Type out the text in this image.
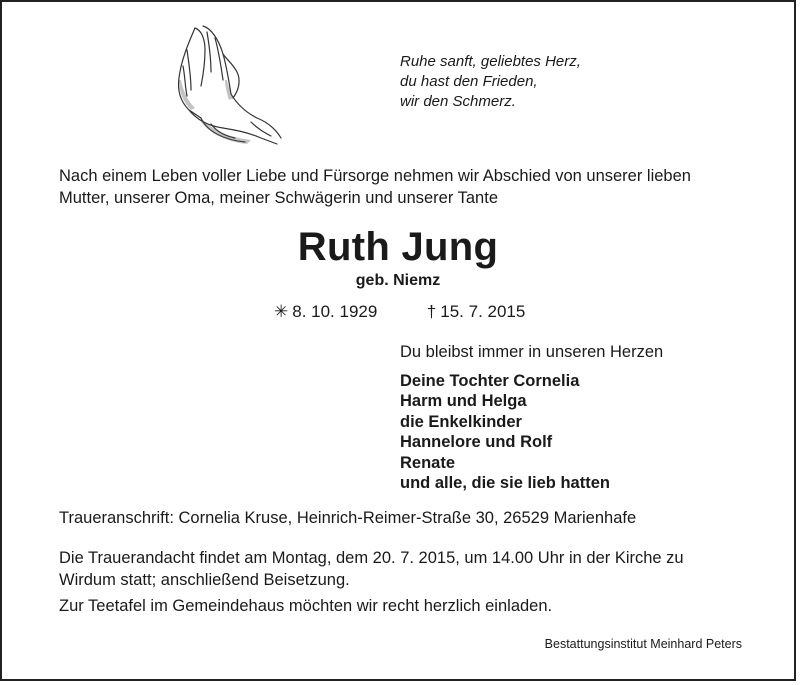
Ruhe sanft, geliebtes Herz,
du hast den Frieden,
wir den Schmerz.
Nach einem Leben voller Liebe und Fürsorge nehmen wir Abschied von unserer lieben
Mutter, unserer Oma, meiner Schwägerin und unserer Tante
Ruth Jung
geb. Niemz
✳ 8. 10. 1929	† 15. 7. 2015
Du bleibst immer in unseren Herzen
Deine Tochter Cornelia
Harm und Helga
die Enkelkinder
Hannelore und Rolf
Renate
und alle, die sie lieb hatten
Traueranschrift: Cornelia Kruse, Heinrich-Reimer-Straße 30, 26529 Marienhafe
Die Trauerandacht findet am Montag, dem 20. 7. 2015, um 14.00 Uhr in der Kirche zu
Wirdum statt; anschließend Beisetzung.
Zur Teetafel im Gemeindehaus möchten wir recht herzlich einladen.
Bestattungsinstitut Meinhard Peters
